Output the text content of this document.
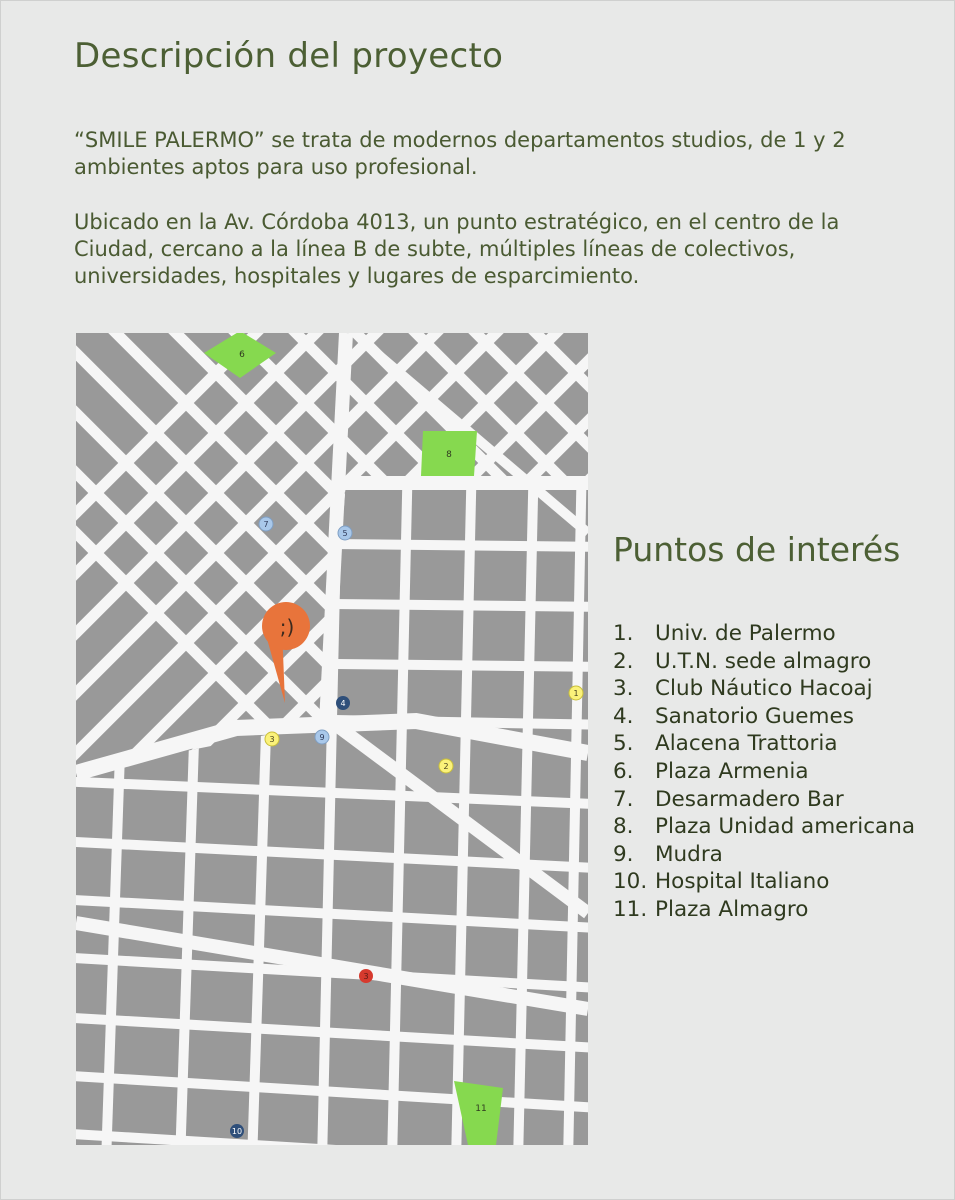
Descripción del proyecto

“SMILE PALERMO” se trata de modernos departamentos studios, de 1 y 2 ambientes aptos para uso profesional.

Ubicado en la Av. Córdoba 4013, un punto estratégico, en el centro de la Ciudad, cercano a la línea B de subte, múltiples líneas de colectivos, universidades, hospitales y lugares de esparcimiento.

6
8
11
;)
1
2
3
4
5
7
9
3
10
Puntos de interés
1. Univ. de Palermo
2. U.T.N. sede almagro
3. Club Náutico Hacoaj
4. Sanatorio Guemes
5. Alacena Trattoria
6. Plaza Armenia
7. Desarmadero Bar
8. Plaza Unidad americana
9. Mudra
10. Hospital Italiano
11. Plaza Almagro
